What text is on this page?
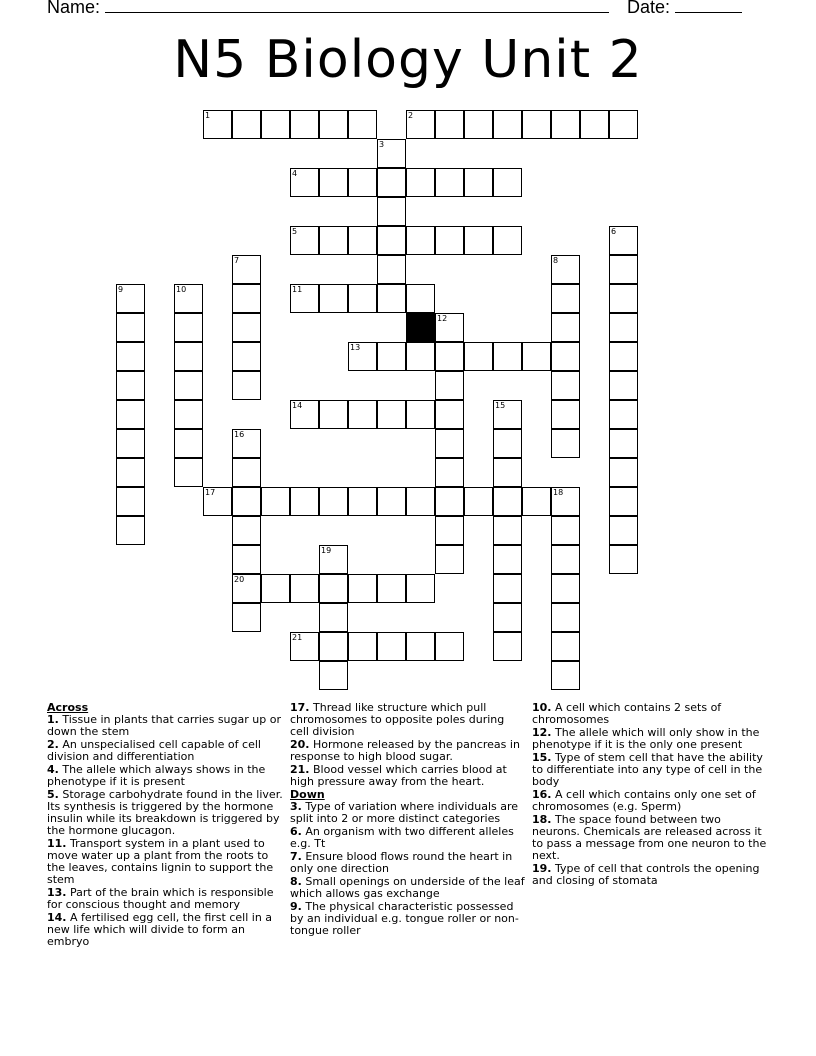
Name:	Date:
N5 Biology Unit 2
1	2
3
4
5	6
7	8
9	10	11
12
13
14	15
16
17	18
19
20
21
Across
1. Tissue in plants that carries sugar up or down the stem
2. An unspecialised cell capable of cell division and differentiation
4. The allele which always shows in the phenotype if it is present
5. Storage carbohydrate found in the liver. Its synthesis is triggered by the hormone insulin while its breakdown is triggered by the hormone glucagon.
11. Transport system in a plant used to move water up a plant from the roots to the leaves, contains lignin to support the stem
13. Part of the brain which is responsible for conscious thought and memory
14. A fertilised egg cell, the first cell in a new life which will divide to form an embryo
17. Thread like structure which pull chromosomes to opposite poles during cell division
20. Hormone released by the pancreas in response to high blood sugar.
21. Blood vessel which carries blood at high pressure away from the heart.
Down
3. Type of variation where individuals are split into 2 or more distinct categories
6. An organism with two different alleles e.g. Tt
7. Ensure blood flows round the heart in only one direction
8. Small openings on underside of the leaf which allows gas exchange
9. The physical characteristic possessed by an individual e.g. tongue roller or non-tongue roller
10. A cell which contains 2 sets of chromosomes
12. The allele which will only show in the phenotype if it is the only one present
15. Type of stem cell that have the ability to differentiate into any type of cell in the body
16. A cell which contains only one set of chromosomes (e.g. Sperm)
18. The space found between two neurons. Chemicals are released across it to pass a message from one neuron to the next.
19. Type of cell that controls the opening and closing of stomata
